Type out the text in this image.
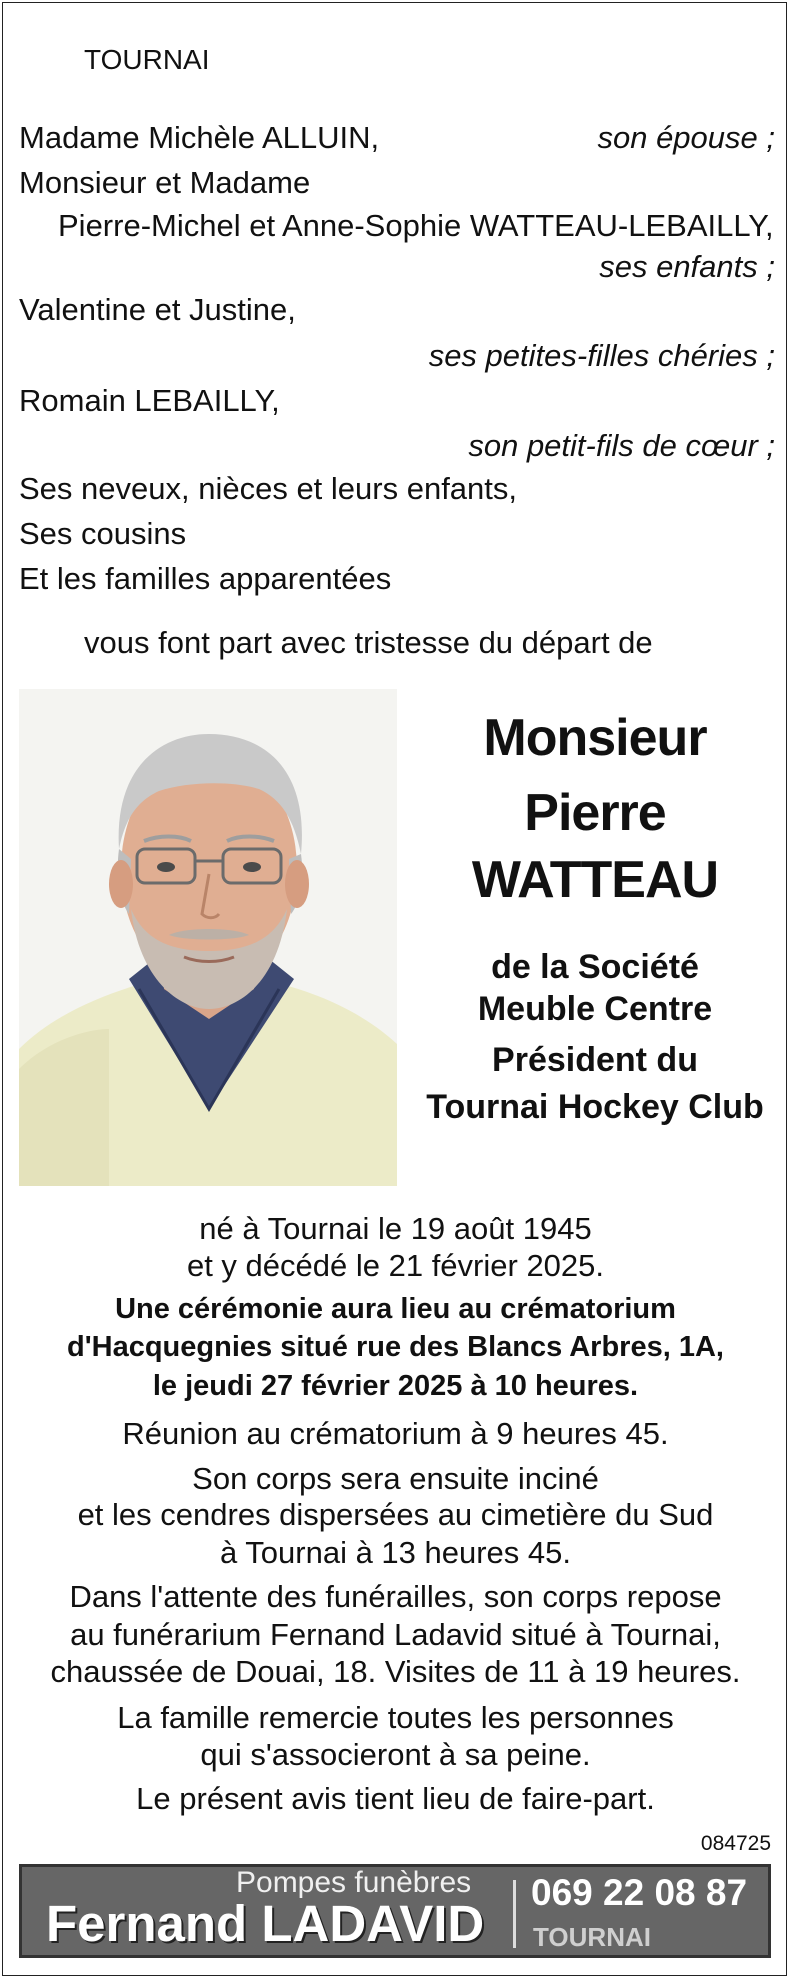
TOURNAI
Madame Michèle ALLUIN,	son épouse ;
Monsieur et Madame
Pierre-Michel et Anne-Sophie WATTEAU-LEBAILLY,
ses enfants ;
Valentine et Justine,
ses petites-filles chéries ;
Romain LEBAILLY,
son petit-fils de cœur ;
Ses neveux, nièces et leurs enfants,
Ses cousins
Et les familles apparentées
vous font part avec tristesse du départ de
Monsieur
Pierre
WATTEAU
de la Société
Meuble Centre
Président du
Tournai Hockey Club
né à Tournai le 19 août 1945
et y décédé le 21 février 2025.
Une cérémonie aura lieu au crématorium
d'Hacquegnies situé rue des Blancs Arbres, 1A,
le jeudi 27 février 2025 à 10 heures.
Réunion au crématorium à 9 heures 45.
Son corps sera ensuite inciné
et les cendres dispersées au cimetière du Sud
à Tournai à 13 heures 45.
Dans l'attente des funérailles, son corps repose
au funérarium Fernand Ladavid situé à Tournai,
chaussée de Douai, 18. Visites de 11 à 19 heures.
La famille remercie toutes les personnes
qui s'associeront à sa peine.
Le présent avis tient lieu de faire-part.
084725
Pompes funèbres
Fernand LADAVID
069 22 08 87
TOURNAI
